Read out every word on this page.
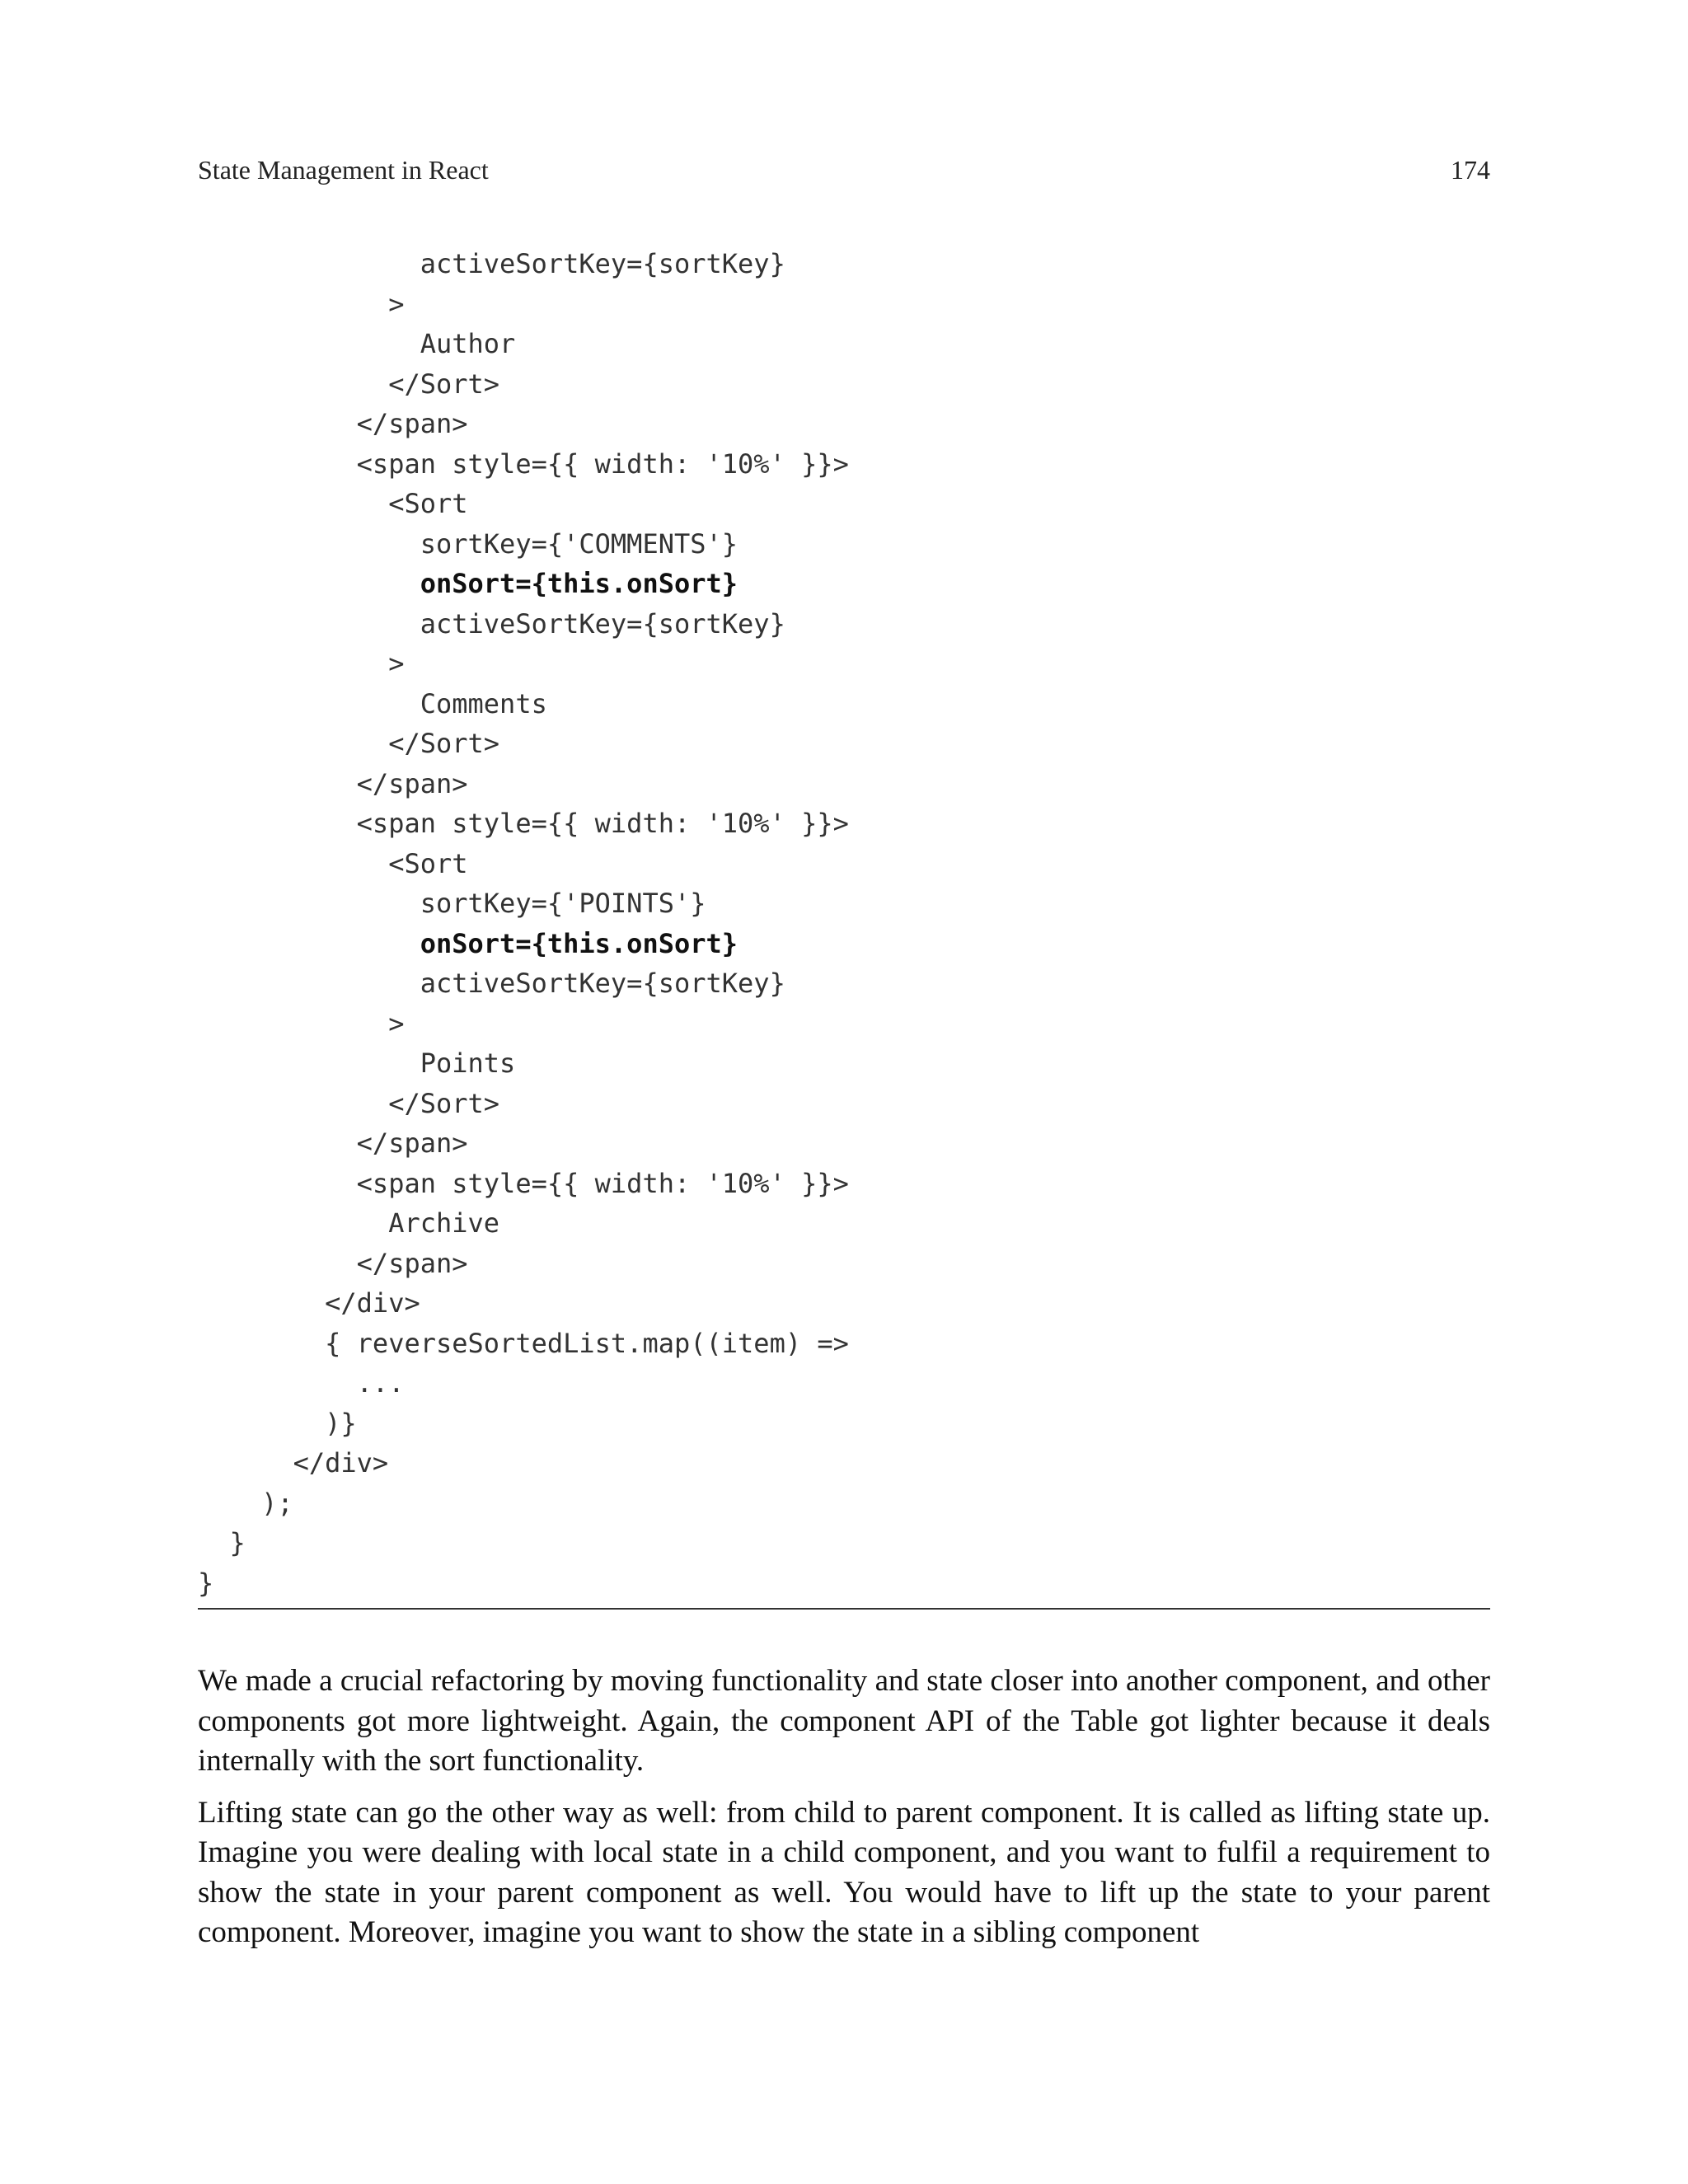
State Management in React	174
activeSortKey={sortKey}
>
Author
</Sort>
</span>
<span style={{ width: '10%' }}>
<Sort
sortKey={'COMMENTS'}
onSort={this.onSort}
activeSortKey={sortKey}
>
Comments
</Sort>
</span>
<span style={{ width: '10%' }}>
<Sort
sortKey={'POINTS'}
onSort={this.onSort}
activeSortKey={sortKey}
>
Points
</Sort>
</span>
<span style={{ width: '10%' }}>
Archive
</span>
</div>
{ reverseSortedList.map((item) =>
...
)}
</div>
);
}
}

We made a crucial refactoring by moving functionality and state closer into another component, and other components got more lightweight. Again, the component API of the Table got lighter because it deals internally with the sort functionality.

Lifting state can go the other way as well: from child to parent component. It is called as lifting state up. Imagine you were dealing with local state in a child component, and you want to fulfil a requirement to show the state in your parent component as well. You would have to lift up the state to your parent component. Moreover, imagine you want to show the state in a sibling component
